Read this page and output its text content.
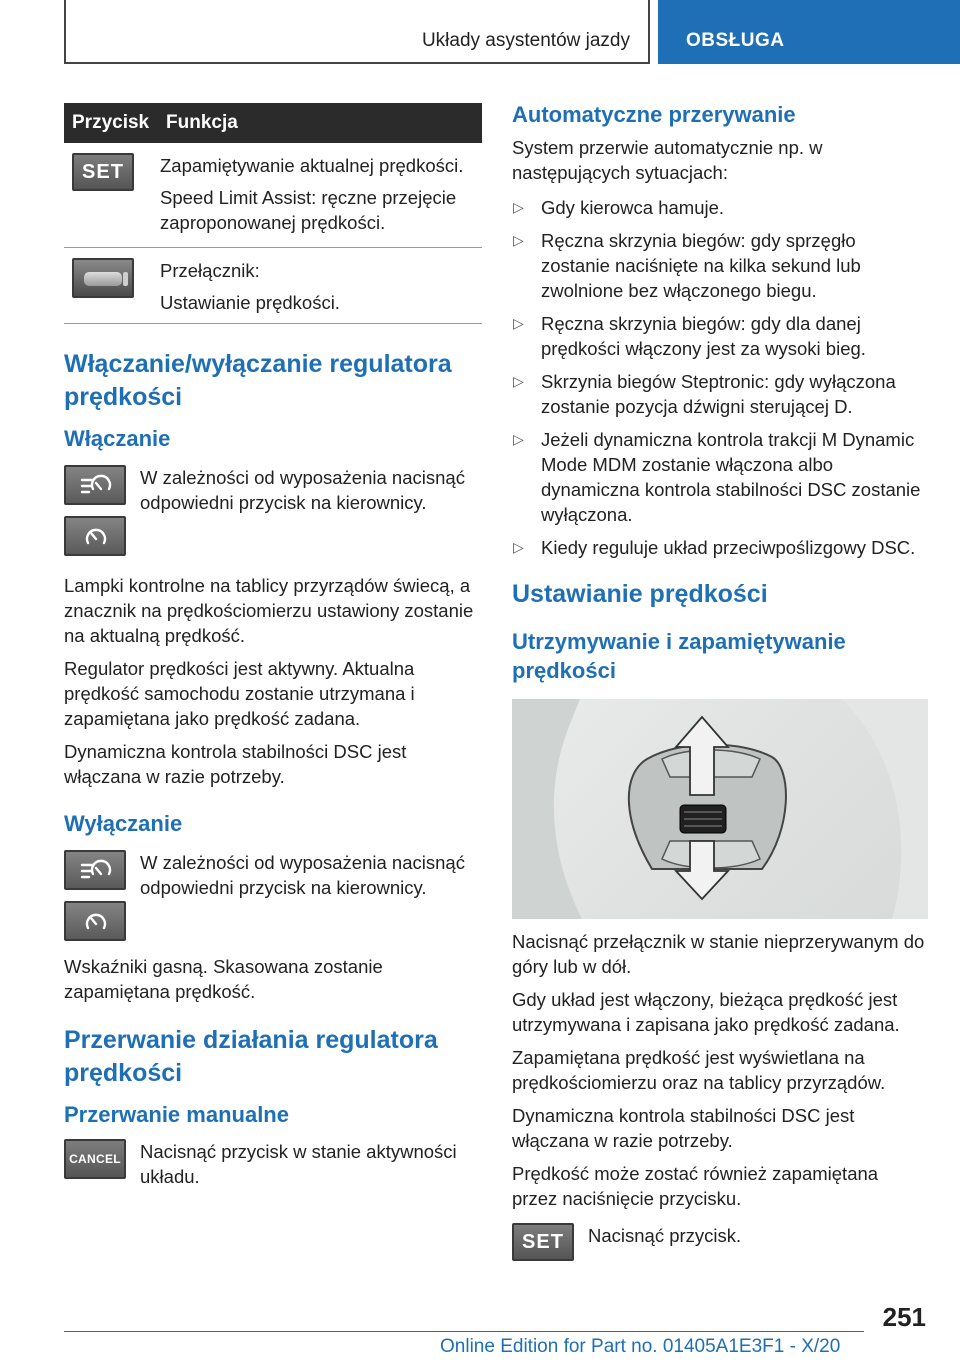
Układy asystentów jazdy	OBSŁUGA
Przycisk	Funkcja
SET	Zapamiętywanie aktualnej prędkości.

Speed Limit Assist: ręczne przejęcie zaproponowanej prędkości.

	Przełącznik:

Ustawianie prędkości.

Włączanie/wyłączanie regulatora prędkości
Włączanie

W zależności od wyposażenia nacisnąć odpowiedni przycisk na kierownicy.

Lampki kontrolne na tablicy przyrządów świecą, a znacznik na prędkościomierzu ustawiony zostanie na aktualną prędkość.

Regulator prędkości jest aktywny. Aktualna prędkość samochodu zostanie utrzymana i zapamiętana jako prędkość zadana.

Dynamiczna kontrola stabilności DSC jest włączana w razie potrzeby.

Wyłączanie

W zależności od wyposażenia nacisnąć odpowiedni przycisk na kierownicy.

Wskaźniki gasną. Skasowana zostanie zapamiętana prędkość.

Przerwanie działania regulatora prędkości
Przerwanie manualne
CANCEL Nacisnąć przycisk w stanie aktywności układu.
Automatyczne przerywanie

System przerwie automatycznie np. w następujących sytuacjach:

▷ Gdy kierowca hamuje.
▷ Ręczna skrzynia biegów: gdy sprzęgło zostanie naciśnięte na kilka sekund lub zwolnione bez włączonego biegu.
▷ Ręczna skrzynia biegów: gdy dla danej prędkości włączony jest za wysoki bieg.
▷ Skrzynia biegów Steptronic: gdy wyłączona zostanie pozycja dźwigni sterującej D.
▷ Jeżeli dynamiczna kontrola trakcji M Dynamic Mode MDM zostanie włączona albo dynamiczna kontrola stabilności DSC zostanie wyłączona.
▷ Kiedy reguluje układ przeciwpoślizgowy DSC.
Ustawianie prędkości
Utrzymywanie i zapamiętywanie prędkości

Nacisnąć przełącznik w stanie nieprzerywanym do góry lub w dół.

Gdy układ jest włączony, bieżąca prędkość jest utrzymywana i zapisana jako prędkość zadana.

Zapamiętana prędkość jest wyświetlana na prędkościomierzu oraz na tablicy przyrządów.

Dynamiczna kontrola stabilności DSC jest włączana w razie potrzeby.

Prędkość może zostać również zapamiętana przez naciśnięcie przycisku.

SET	Nacisnąć przycisk.
251
Online Edition for Part no. 01405A1E3F1 - X/20
